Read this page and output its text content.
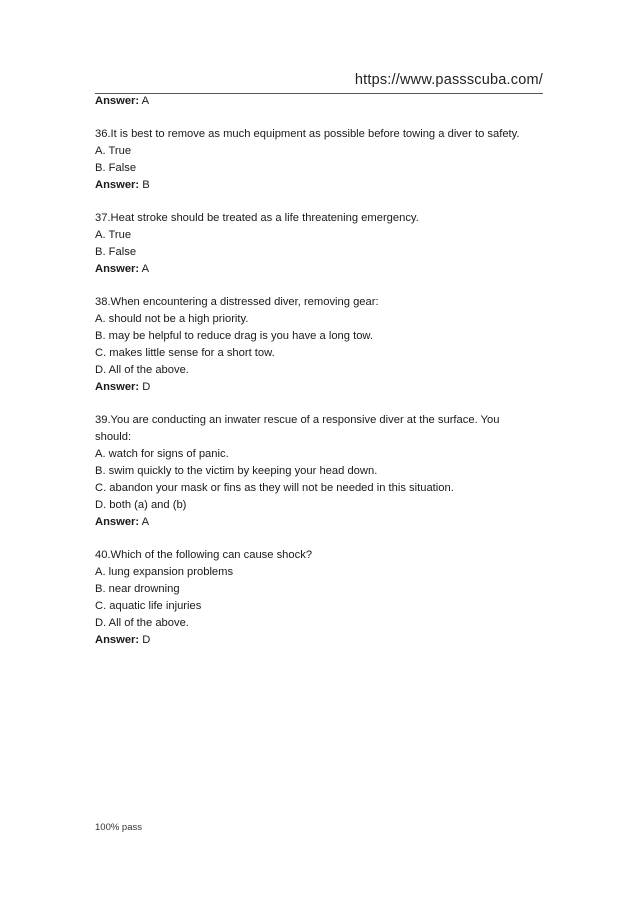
https://www.passscuba.com/

Answer: A

36.It is best to remove as much equipment as possible before towing a diver to safety.

A. True

B. False

Answer: B

37.Heat stroke should be treated as a life threatening emergency.

A. True

B. False

Answer: A

38.When encountering a distressed diver, removing gear:

A. should not be a high priority.

B. may be helpful to reduce drag is you have a long tow.

C. makes little sense for a short tow.

D. All of the above.

Answer: D

39.You are conducting an inwater rescue of a responsive diver at the surface. You

should:

A. watch for signs of panic.

B. swim quickly to the victim by keeping your head down.

C. abandon your mask or fins as they will not be needed in this situation.

D. both (a) and (b)

Answer: A

40.Which of the following can cause shock?

A. lung expansion problems

B. near drowning

C. aquatic life injuries

D. All of the above.

Answer: D

100% pass
